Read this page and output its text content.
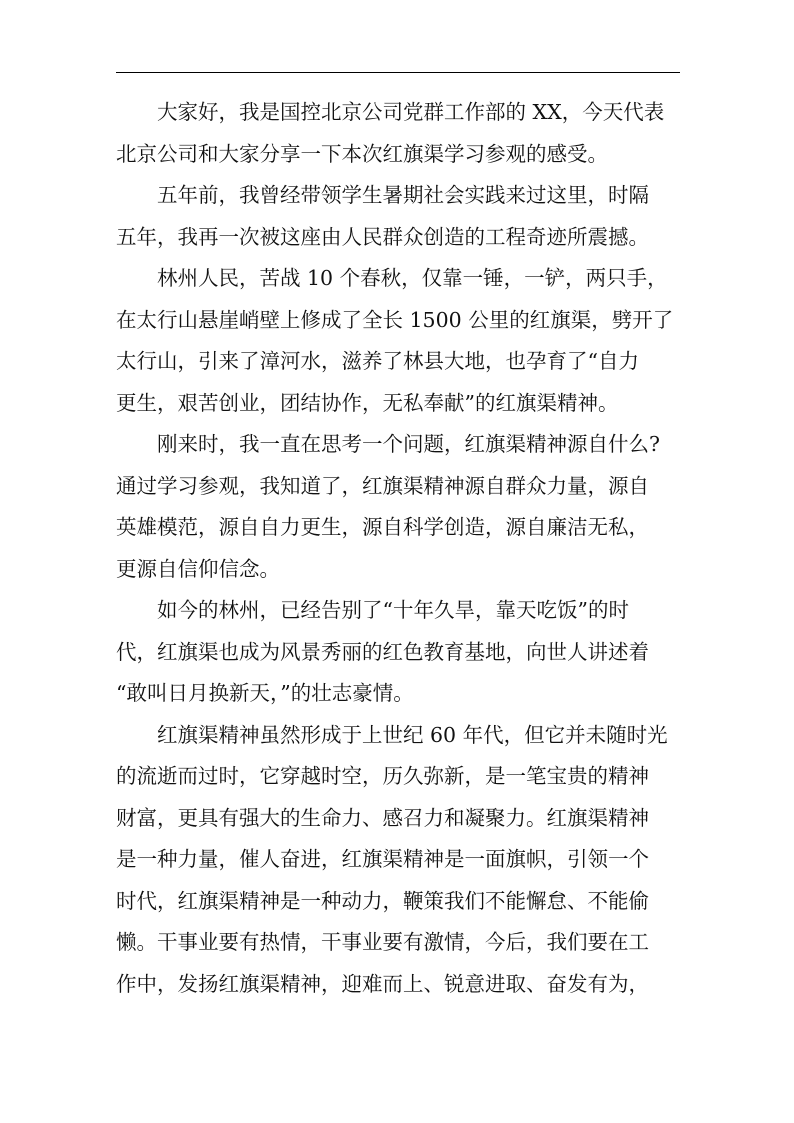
大家好，我是国控北京公司党群工作部的 XX，今天代表
北京公司和大家分享一下本次红旗渠学习参观的感受。
五年前，我曾经带领学生暑期社会实践来过这里，时隔
五年，我再一次被这座由人民群众创造的工程奇迹所震撼。
林州人民，苦战 10 个春秋，仅靠一锤，一铲，两只手，
在太行山悬崖峭壁上修成了全长 1500 公里的红旗渠，劈开了
太行山，引来了漳河水，滋养了林县大地，也孕育了“自力
更生，艰苦创业，团结协作，无私奉献”的红旗渠精神。
刚来时，我一直在思考一个问题，红旗渠精神源自什么?
通过学习参观，我知道了，红旗渠精神源自群众力量，源自
英雄模范，源自自力更生，源自科学创造，源自廉洁无私，
更源自信仰信念。
如今的林州，已经告别了“十年久旱，靠天吃饭”的时
代，红旗渠也成为风景秀丽的红色教育基地，向世人讲述着
“敢叫日月换新天，”的壮志豪情。
红旗渠精神虽然形成于上世纪 60 年代，但它并未随时光
的流逝而过时，它穿越时空，历久弥新，是一笔宝贵的精神
财富，更具有强大的生命力、感召力和凝聚力。红旗渠精神
是一种力量，催人奋进，红旗渠精神是一面旗帜，引领一个
时代，红旗渠精神是一种动力，鞭策我们不能懈怠、不能偷
懒。干事业要有热情，干事业要有激情，今后，我们要在工
作中，发扬红旗渠精神，迎难而上、锐意进取、奋发有为，
